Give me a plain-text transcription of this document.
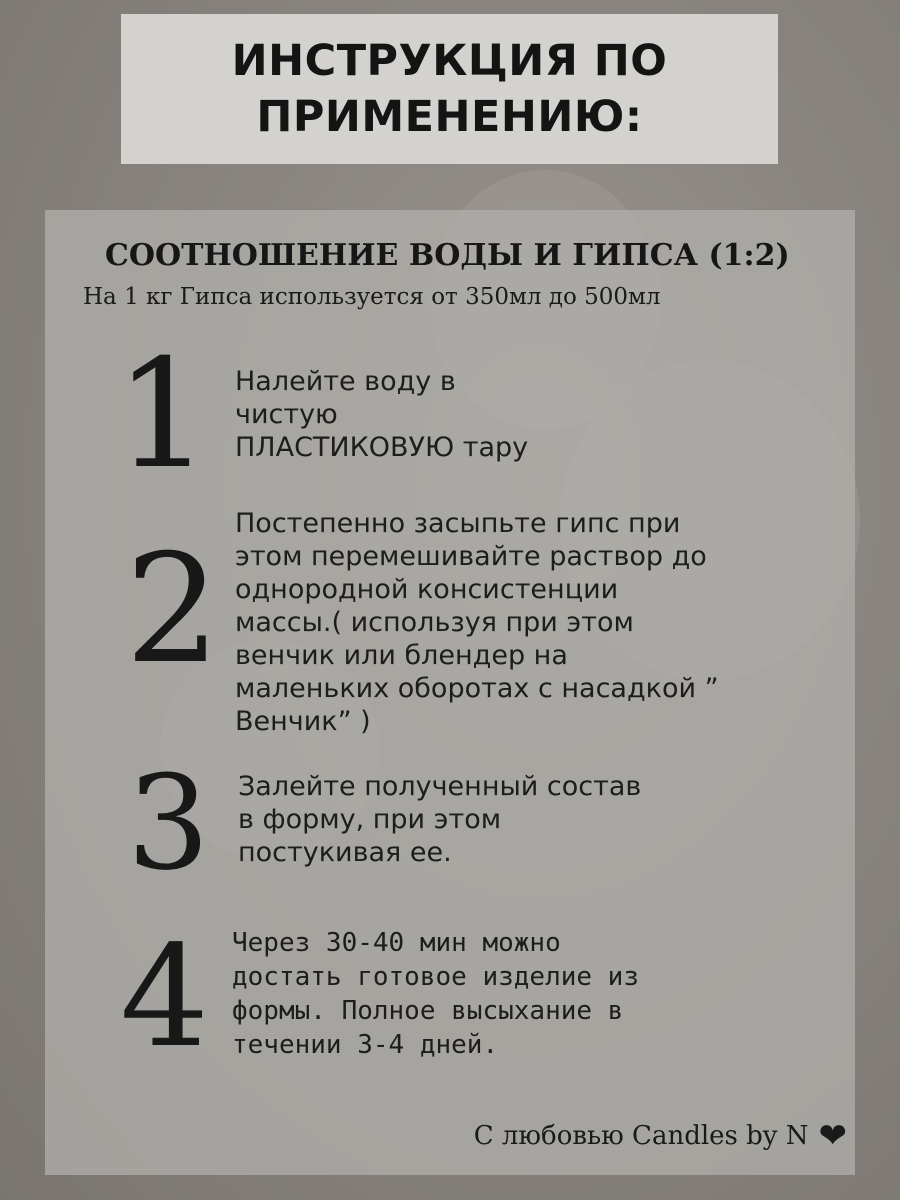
ИНСТРУКЦИЯ ПО
ПРИМЕНЕНИЮ:
СООТНОШЕНИЕ ВОДЫ И ГИПСА (1:2)
На 1 кг Гипса используется от 350мл до 500мл
1 Налейте воду в
чистую
ПЛАСТИКОВУЮ тару
2 Постепенно засыпьте гипс при
этом перемешивайте раствор до
однородной консистенции
массы.( используя при этом
венчик или блендер на
маленьких оборотах с насадкой ”
Венчик” )
3 Залейте полученный состав
в форму, при этом
постукивая ее.
4 Через 30-40 мин можно
достать готовое изделие из
формы. Полное высыхание в
течении 3-4 дней.
С любовью Candles by N ❤
